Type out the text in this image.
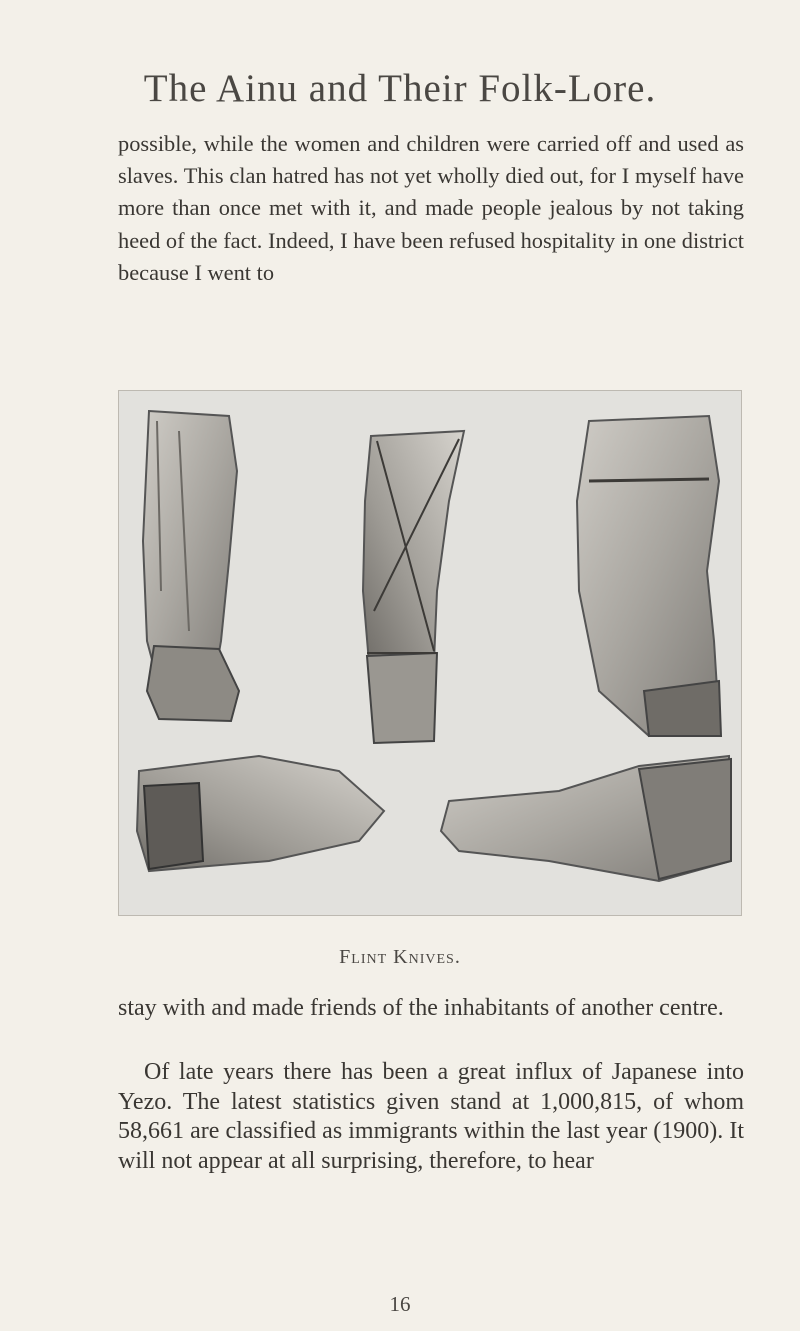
The Ainu and Their Folk-Lore.

possible, while the women and children were carried off and used as slaves. This clan hatred has not yet wholly died out, for I myself have more than once met with it, and made people jealous by not taking heed of the fact. Indeed, I have been refused hospitality in one district because I went to

Flint Knives.

stay with and made friends of the inhabitants of another centre.

Of late years there has been a great influx of Japanese into Yezo. The latest statistics given stand at 1,000,815, of whom 58,661 are classified as immigrants within the last year (1900). It will not appear at all surprising, therefore, to hear

16
